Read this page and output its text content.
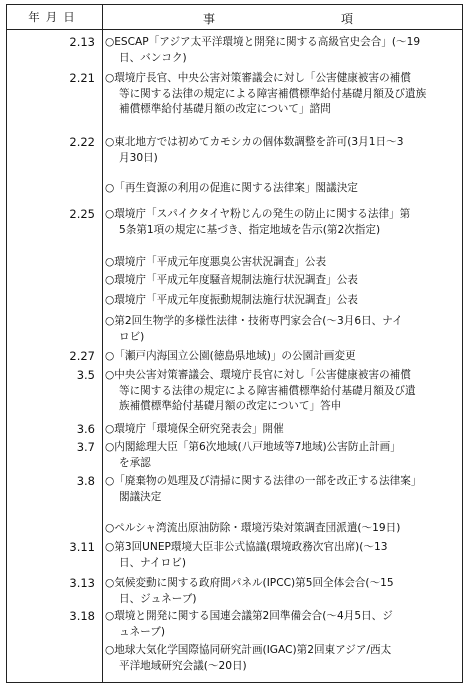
年月日	事	項
2.13 ○ESCAP「アジア太平洋環境と開発に関する高級官史会合」(～19
日、バンコク)
2.21 ○環境庁長官、中央公害対策審議会に対し「公害健康被害の補償
等に関する法律の規定による障害補償標準給付基礎月額及び遺族
補償標準給付基礎月額の改定について」諮問
2.22 ○東北地方では初めてカモシカの個体数調整を許可(3月1日～3
月30日)
○「再生資源の利用の促進に関する法律案」閣議決定
2.25 ○環境庁「スパイクタイヤ粉じんの発生の防止に関する法律」第
5条第1項の規定に基づき、指定地域を告示(第2次指定)
○環境庁「平成元年度悪臭公害状況調査」公表
○環境庁「平成元年度騒音規制法施行状況調査」公表
○環境庁「平成元年度振動規制法施行状況調査」公表
○第2回生物学的多様性法律・技術専門家会合(～3月6日、ナイ
ロビ)
2.27 ○「瀬戸内海国立公園(徳島県地域)」の公園計画変更
3.5 ○中央公害対策審議会、環境庁長官に対し「公害健康被害の補償
等に関する法律の規定による障害補償標準給付基礎月額及び遺
族補償標準給付基礎月額の改定について」答申
3.6 ○環境庁「環境保全研究発表会」開催
3.7 ○内閣総理大臣「第6次地域(八戸地域等7地域)公害防止計画」
を承認
3.8 ○「廃棄物の処理及び清掃に関する法律の一部を改正する法律案」
閣議決定
○ペルシャ湾流出原油防除・環境汚染対策調査団派遣(～19日)
3.11 ○第3回UNEP環境大臣非公式協議(環境政務次官出席)(～13
日、ナイロビ)
3.13 ○気候変動に関する政府間パネル(IPCC)第5回全体会合(～15
日、ジュネーブ)
3.18 ○環境と開発に関する国連会議第2回準備会合(～4月5日、ジ
ュネーブ)
○地球大気化学国際協同研究計画(IGAC)第2回東アジア/西太
平洋地域研究会議(～20日)
